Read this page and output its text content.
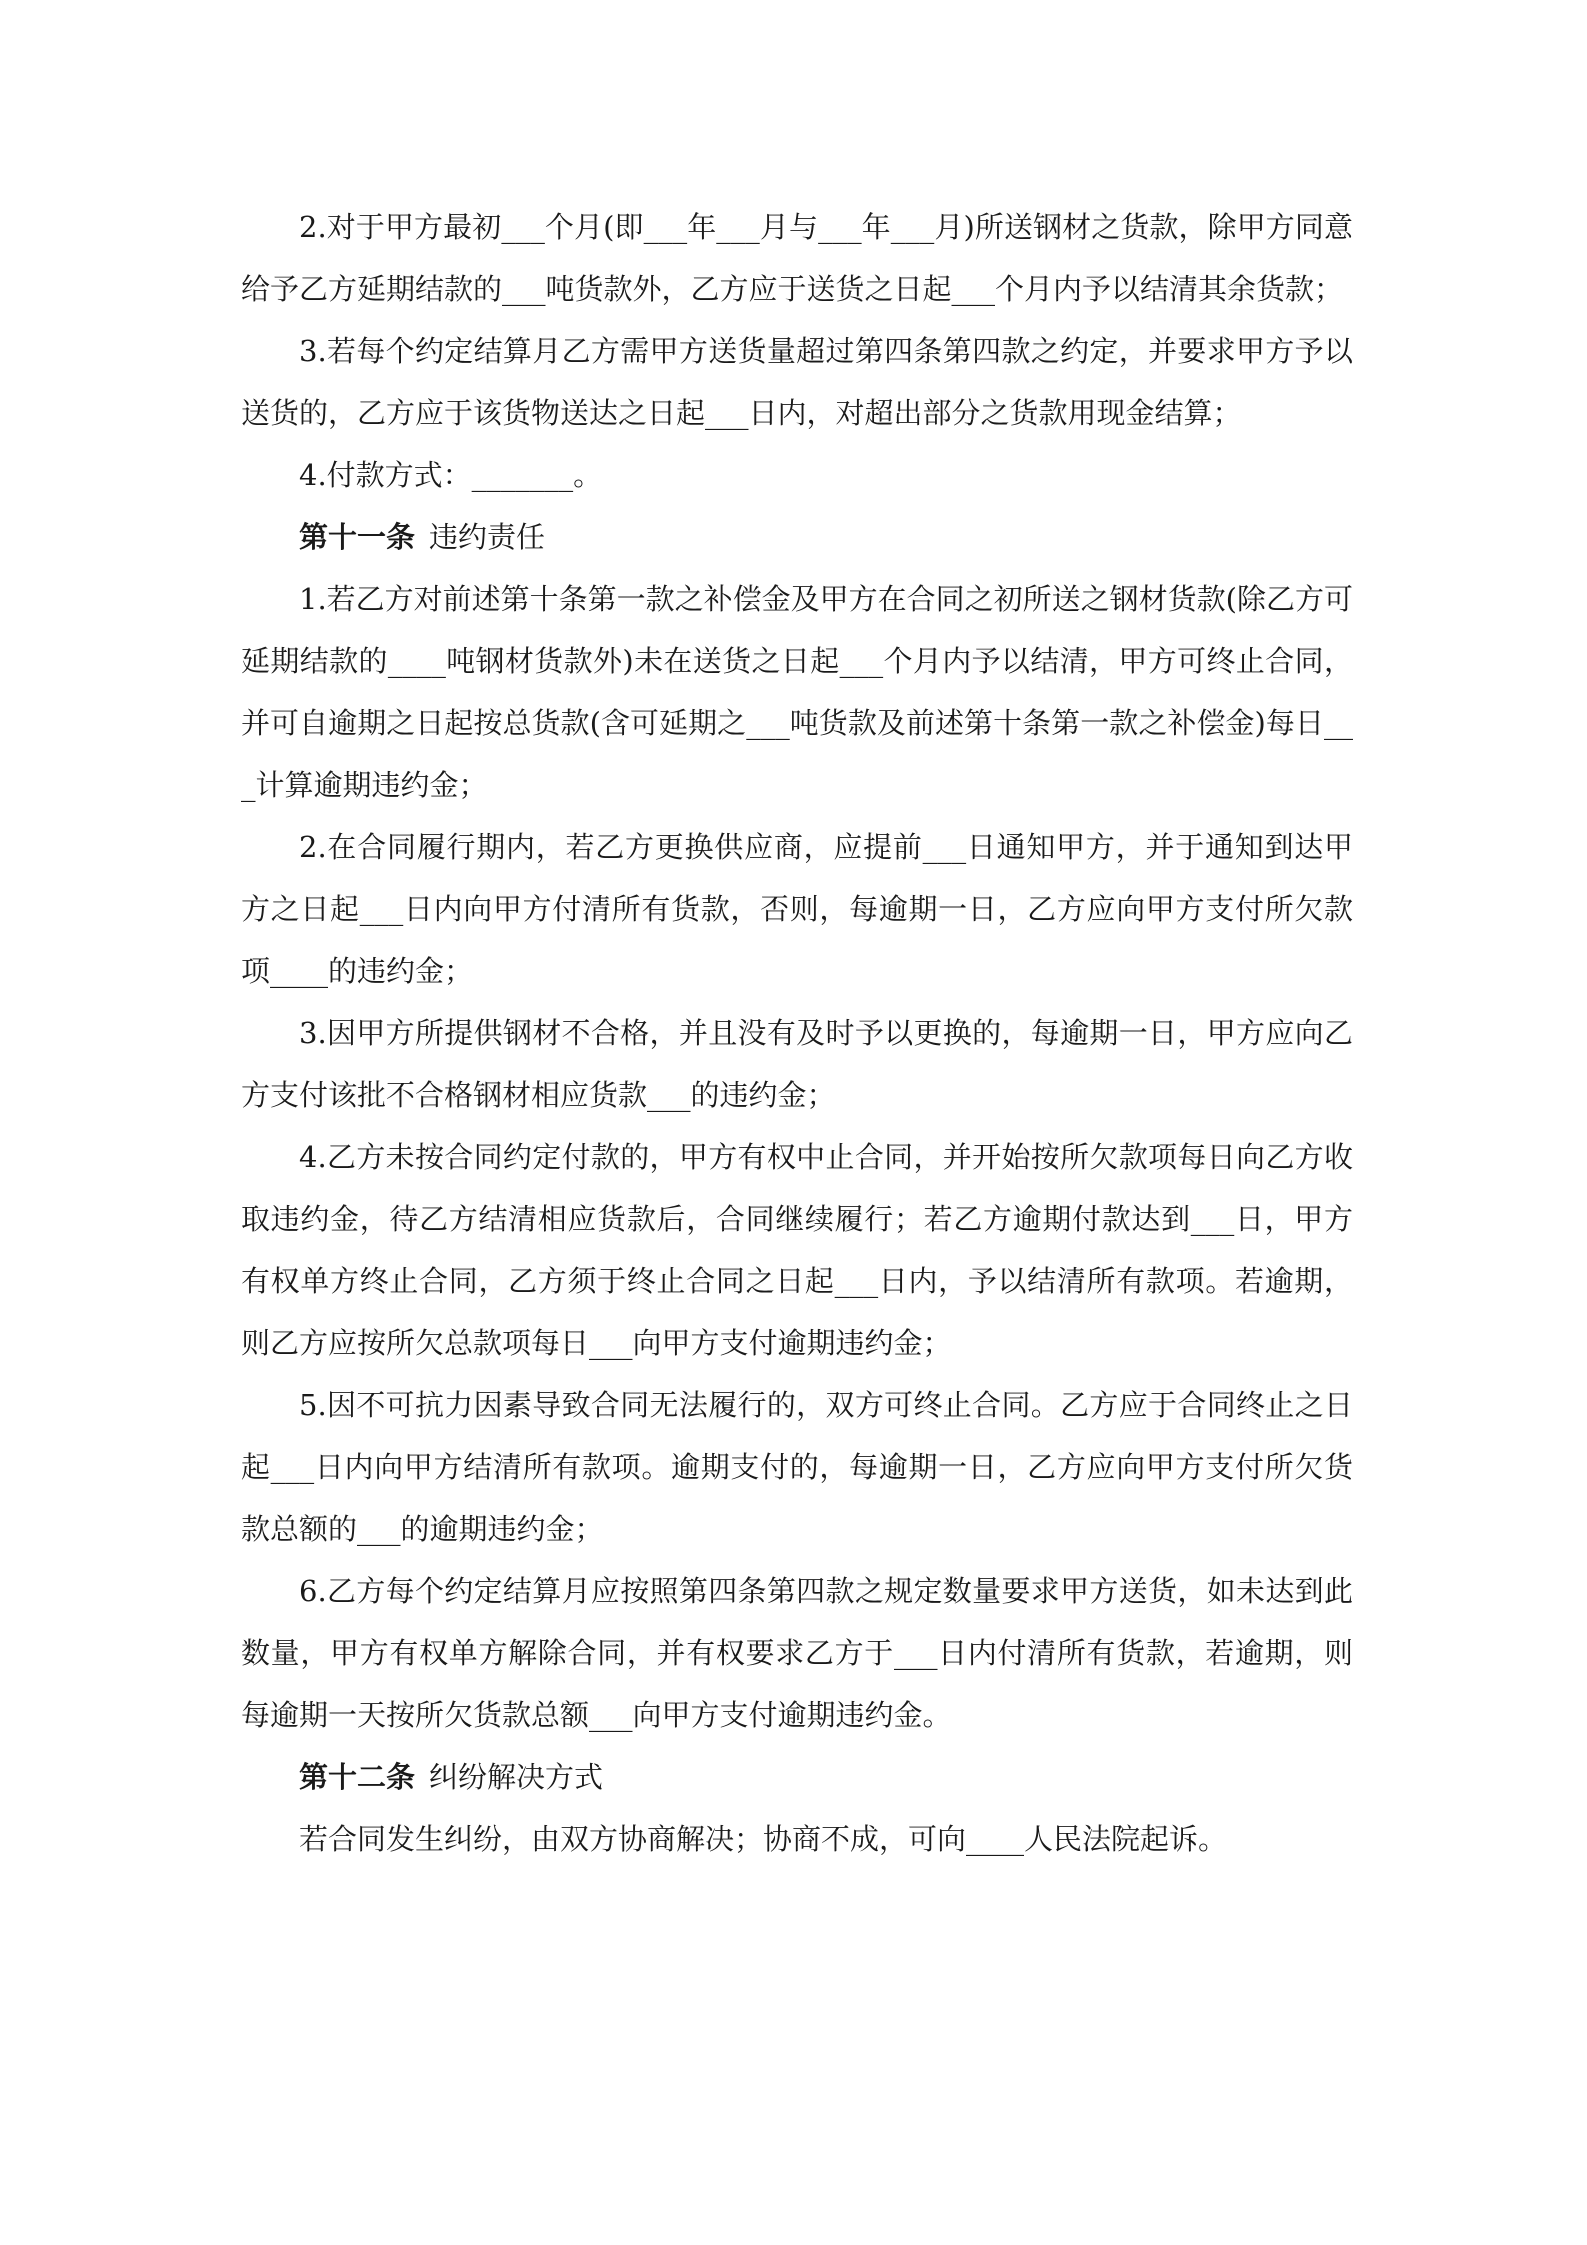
2.对于甲方最初___个月(即___年___月与___年___月)所送钢材之货款，除甲方同意给予乙方延期结款的___吨货款外，乙方应于送货之日起___个月内予以结清其余货款；

3.若每个约定结算月乙方需甲方送货量超过第四条第四款之约定，并要求甲方予以送货的，乙方应于该货物送达之日起___日内，对超出部分之货款用现金结算；

4.付款方式：_______。

第十一条 违约责任

1.若乙方对前述第十条第一款之补偿金及甲方在合同之初所送之钢材货款(除乙方可延期结款的____吨钢材货款外)未在送货之日起___个月内予以结清，甲方可终止合同，并可自逾期之日起按总货款(含可延期之___吨货款及前述第十条第一款之补偿金)每日___计算逾期违约金；

2.在合同履行期内，若乙方更换供应商，应提前___日通知甲方，并于通知到达甲方之日起___日内向甲方付清所有货款，否则，每逾期一日，乙方应向甲方支付所欠款项____的违约金；

3.因甲方所提供钢材不合格，并且没有及时予以更换的，每逾期一日，甲方应向乙方支付该批不合格钢材相应货款___的违约金；

4.乙方未按合同约定付款的，甲方有权中止合同，并开始按所欠款项每日向乙方收取违约金，待乙方结清相应货款后，合同继续履行；若乙方逾期付款达到___日，甲方有权单方终止合同，乙方须于终止合同之日起___日内，予以结清所有款项。若逾期，则乙方应按所欠总款项每日___向甲方支付逾期违约金；

5.因不可抗力因素导致合同无法履行的，双方可终止合同。乙方应于合同终止之日起___日内向甲方结清所有款项。逾期支付的，每逾期一日，乙方应向甲方支付所欠货款总额的___的逾期违约金；

6.乙方每个约定结算月应按照第四条第四款之规定数量要求甲方送货，如未达到此数量，甲方有权单方解除合同，并有权要求乙方于___日内付清所有货款，若逾期，则每逾期一天按所欠货款总额___向甲方支付逾期违约金。

第十二条 纠纷解决方式

若合同发生纠纷，由双方协商解决；协商不成，可向____人民法院起诉。
